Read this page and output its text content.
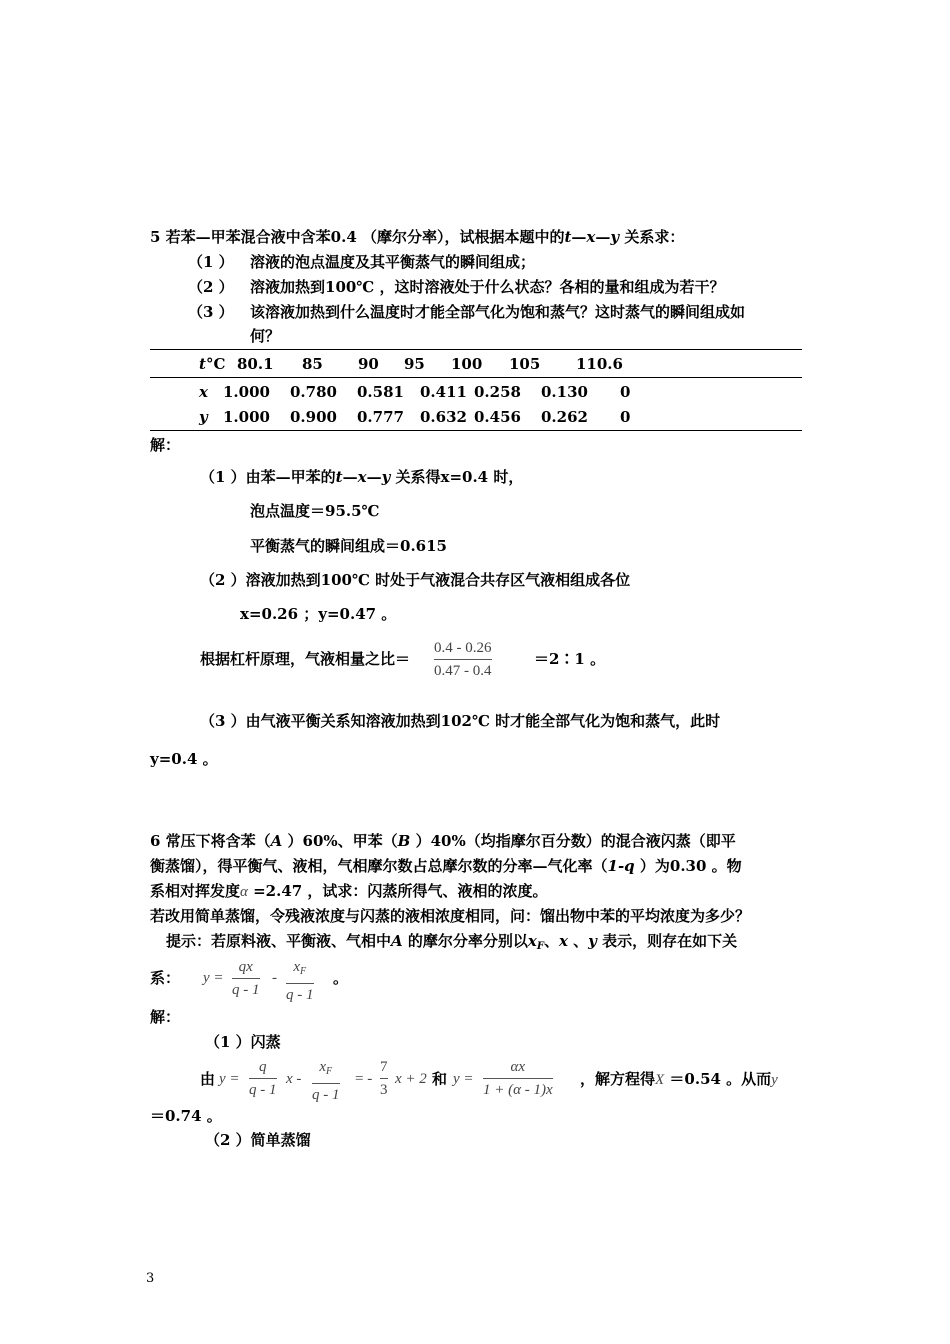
5 若苯—甲苯混合液中含苯0.4 （摩尔分率），试根据本题中的t—x—y 关系求：
（1 ） 溶液的泡点温度及其平衡蒸气的瞬间组成；
（2 ） 溶液加热到100℃ ，这时溶液处于什么状态？各相的量和组成为若干？
（3 ） 该溶液加热到什么温度时才能全部气化为饱和蒸气？这时蒸气的瞬间组成如
何？
t°C 80.1 85 90 95 100 105 110.6
x 1.000 0.780 0.581 0.411 0.258 0.130 0
y 1.000 0.900 0.777 0.632 0.456 0.262 0
解：
（1 ）由苯—甲苯的t—x—y 关系得x=0.4 时，
泡点温度＝95.5℃
平衡蒸气的瞬间组成＝0.615
（2 ）溶液加热到100℃ 时处于气液混合共存区气液相组成各位
x=0.26 ；y=0.47 。
根据杠杆原理，气液相量之比＝
0.4 - 0.26
0.47 - 0.4
＝2∶1 。
（3 ）由气液平衡关系知溶液加热到102℃ 时才能全部气化为饱和蒸气，此时
y=0.4 。
6 常压下将含苯（A ）60%、甲苯（B ）40%（均指摩尔百分数）的混合液闪蒸（即平
衡蒸馏），得平衡气、液相，气相摩尔数占总摩尔数的分率—气化率（1-q ）为0.30 。物
系相对挥发度α =2.47 ，试求：闪蒸所得气、液相的浓度。
若改用简单蒸馏，令残液浓度与闪蒸的液相浓度相同，问：馏出物中苯的平均浓度为多少？
提示：若原料液、平衡液、气相中A 的摩尔分率分别以$x_F$、x 、y 表示，则存在如下关
系： y =
qx
q - 1
-
$x_F$
q - 1
。
解：
（1 ）闪蒸
由 y =
q
q - 1
x -
$x_F$
q - 1
= -
7
3
x + 2 和 y =
αx
1 + (α - 1)x
，解方程得X ＝0.54 。从而y
＝0.74 。
（2 ）简单蒸馏
3
